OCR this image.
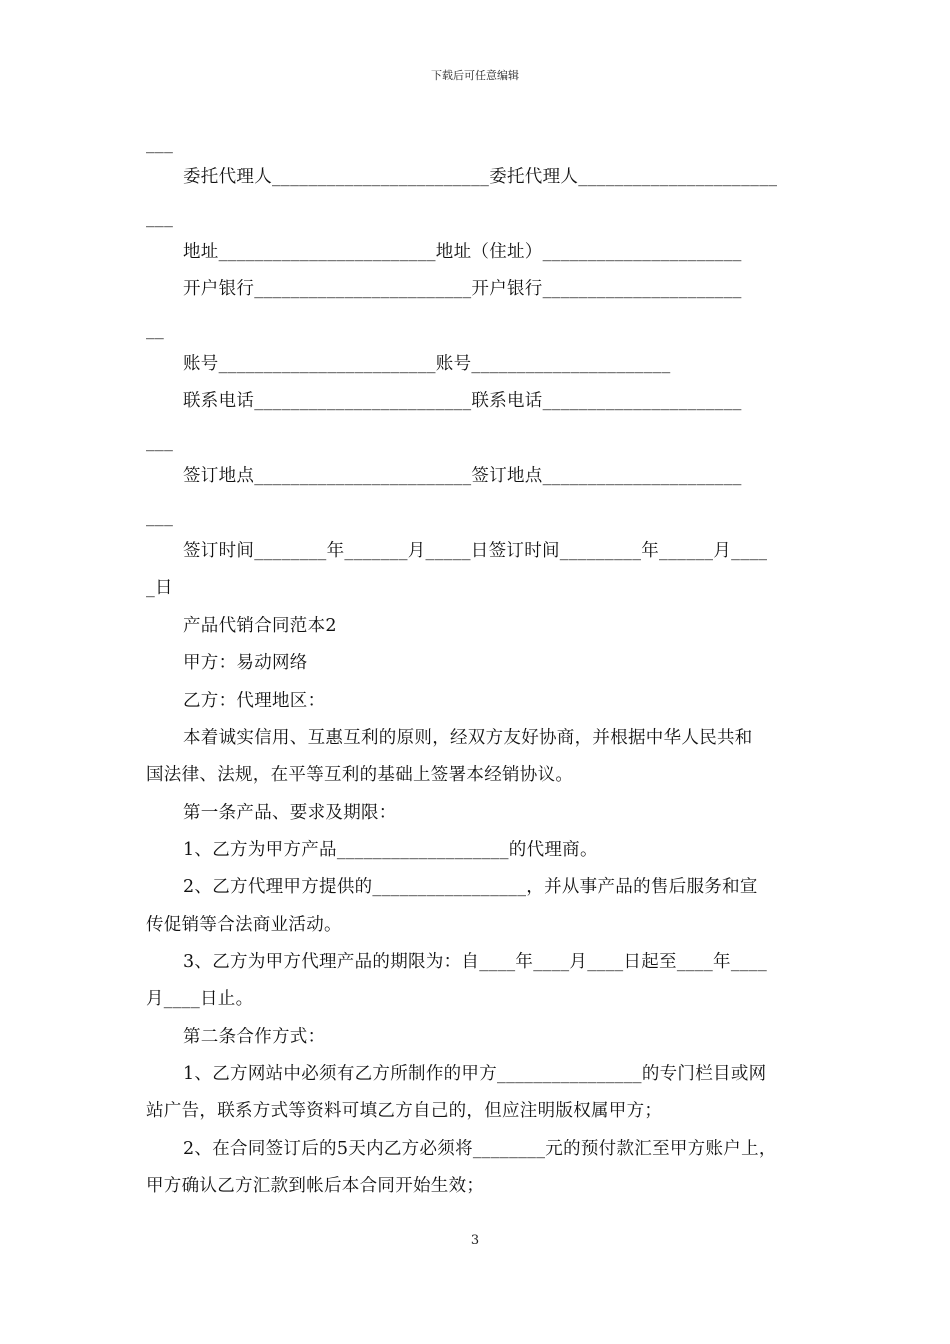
下载后可任意编辑
___
委托代理人________________________委托代理人______________________
___
地址________________________地址（住址）______________________
开户银行________________________开户银行______________________
__
账号________________________账号______________________
联系电话________________________联系电话______________________
___
签订地点________________________签订地点______________________
___
签订时间________年_______月_____日签订时间_________年______月____
_日
产品代销合同范本2
甲方：易动网络
乙方：代理地区：
本着诚实信用、互惠互利的原则，经双方友好协商，并根据中华人民共和
国法律、法规，在平等互利的基础上签署本经销协议。
第一条产品、要求及期限：
1、乙方为甲方产品___________________的代理商。
2、乙方代理甲方提供的_________________，并从事产品的售后服务和宣
传促销等合法商业活动。
3、乙方为甲方代理产品的期限为：自____年____月____日起至____年____
月____日止。
第二条合作方式：
1、乙方网站中必须有乙方所制作的甲方________________的专门栏目或网
站广告，联系方式等资料可填乙方自己的，但应注明版权属甲方；
2、在合同签订后的5天内乙方必须将________元的预付款汇至甲方账户上，
甲方确认乙方汇款到帐后本合同开始生效；
3
